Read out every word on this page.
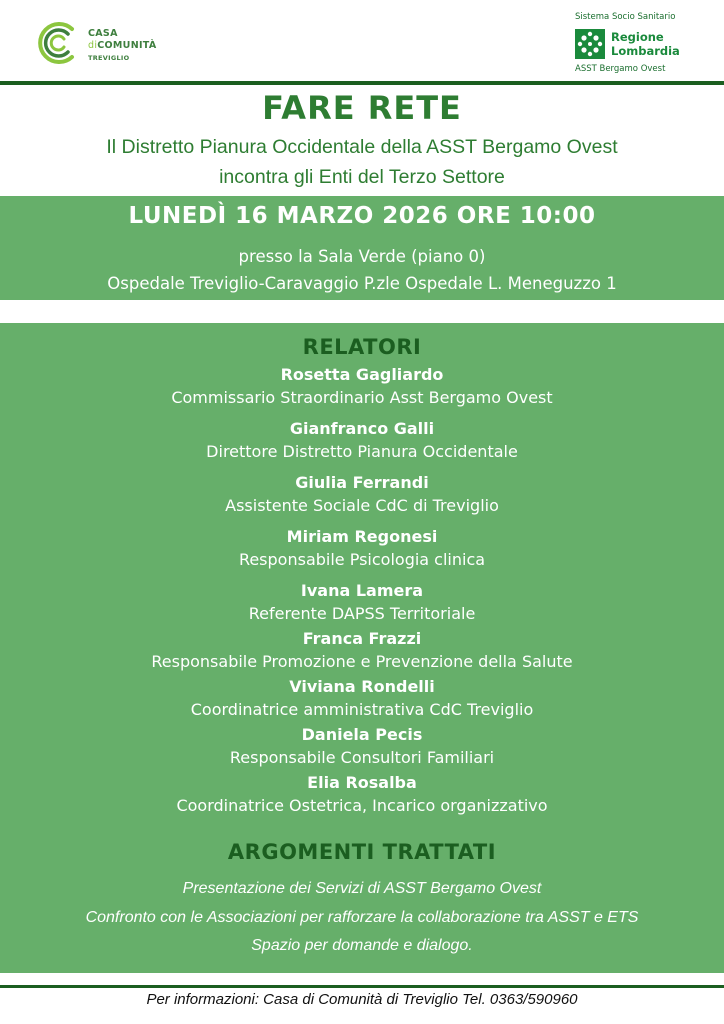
CASA
diCOMUNITÀ
TREVIGLIO
Sistema Socio Sanitario
Regione
Lombardia
ASST Bergamo Ovest
FARE RETE
Il Distretto Pianura Occidentale della ASST Bergamo Ovest
incontra gli Enti del Terzo Settore
LUNEDÌ 16 MARZO 2026 ORE 10:00
presso la Sala Verde (piano 0)
Ospedale Treviglio-Caravaggio P.zle Ospedale L. Meneguzzo 1
RELATORI
Rosetta Gagliardo
Commissario Straordinario Asst Bergamo Ovest
Gianfranco Galli
Direttore Distretto Pianura Occidentale
Giulia Ferrandi
Assistente Sociale CdC di Treviglio
Miriam Regonesi
Responsabile Psicologia clinica
Ivana Lamera
Referente DAPSS Territoriale
Franca Frazzi
Responsabile Promozione e Prevenzione della Salute
Viviana Rondelli
Coordinatrice amministrativa CdC Treviglio
Daniela Pecis
Responsabile Consultori Familiari
Elia Rosalba
Coordinatrice Ostetrica, Incarico organizzativo
ARGOMENTI TRATTATI
Presentazione dei Servizi di ASST Bergamo Ovest
Confronto con le Associazioni per rafforzare la collaborazione tra ASST e ETS
Spazio per domande e dialogo.
Per informazioni: Casa di Comunità di Treviglio Tel. 0363/590960
